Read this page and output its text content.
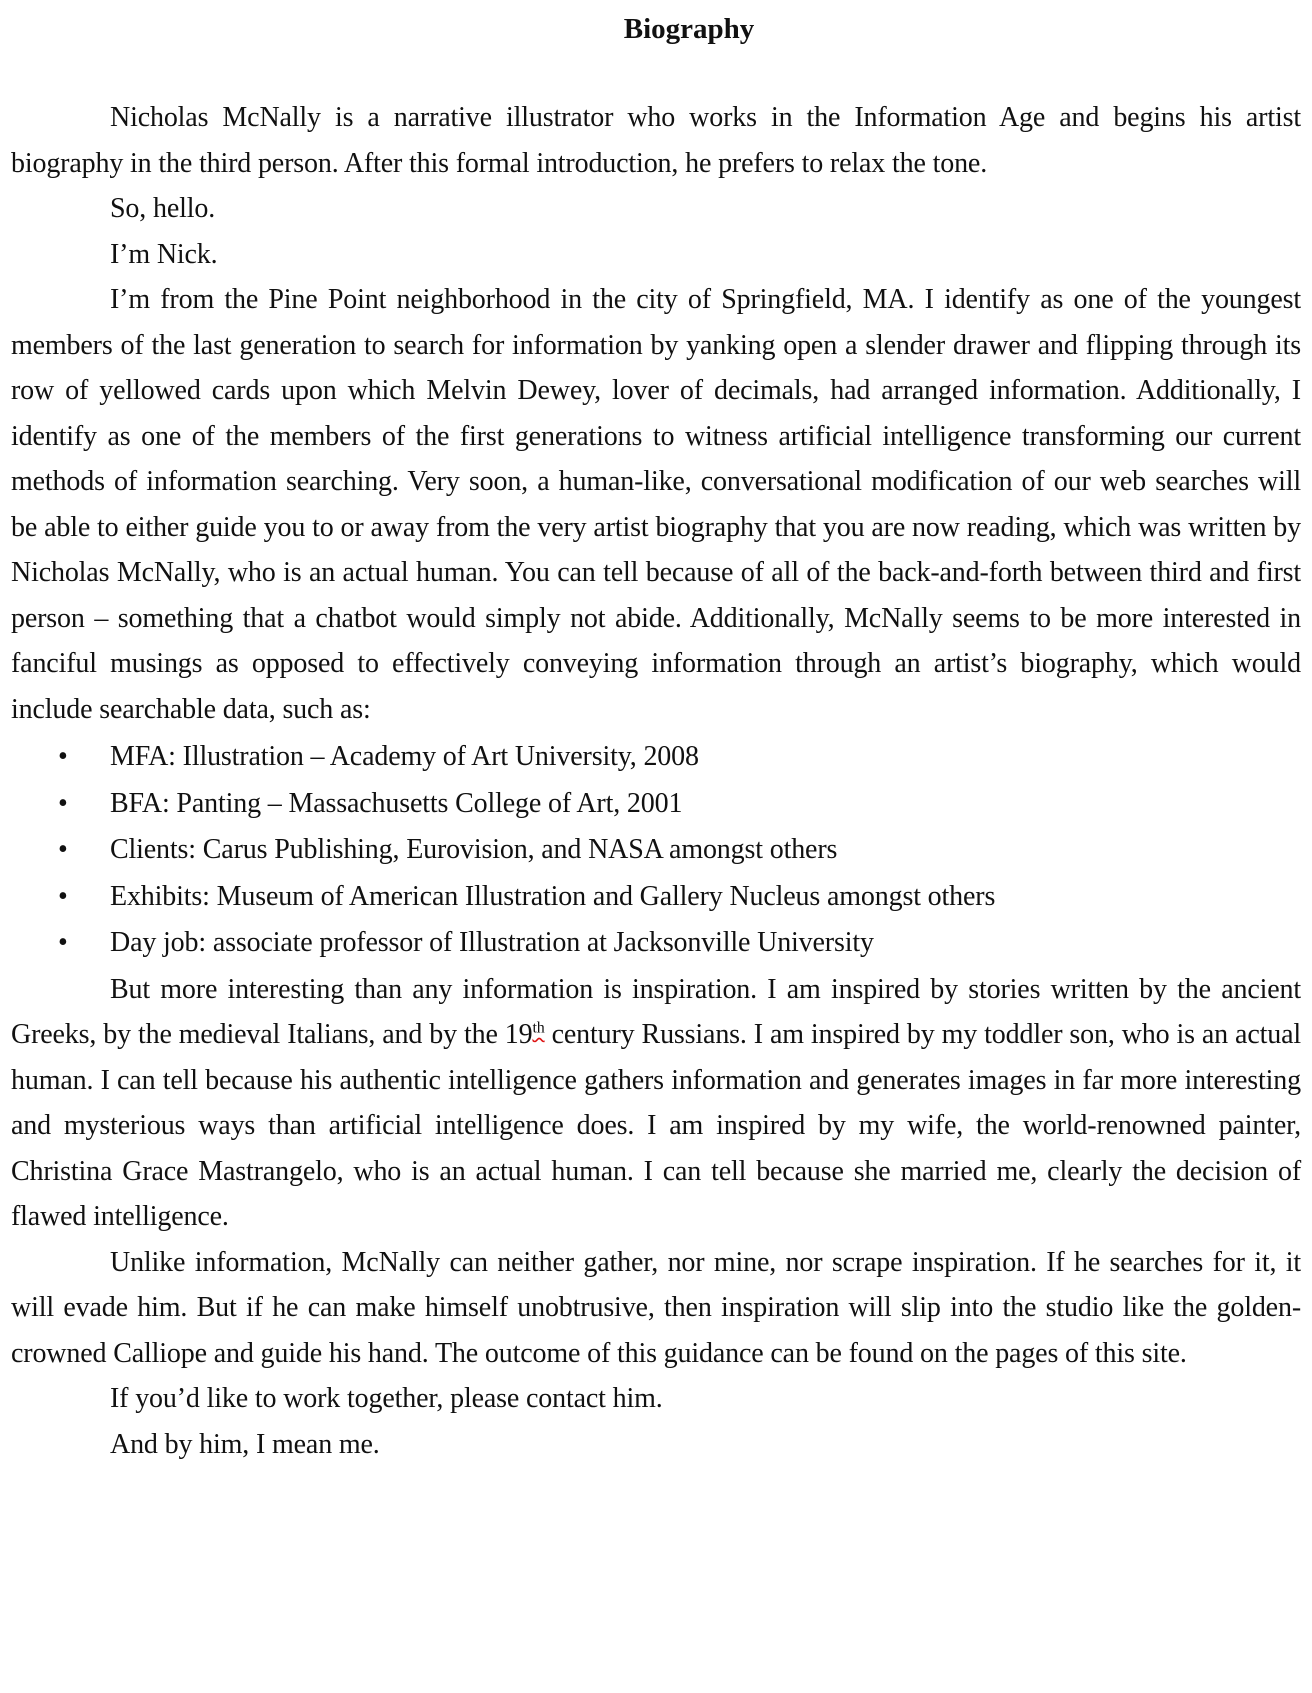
Biography

Nicholas McNally is a narrative illustrator who works in the Information Age and begins his artist biography in the third person. After this formal introduction, he prefers to relax the tone.

So, hello.

I’m Nick.

I’m from the Pine Point neighborhood in the city of Springfield, MA. I identify as one of the youngest members of the last generation to search for information by yanking open a slender drawer and flipping through its row of yellowed cards upon which Melvin Dewey, lover of decimals, had arranged information. Additionally, I identify as one of the members of the first generations to witness artificial intelligence transforming our current methods of information searching. Very soon, a human-like, conversational modification of our web searches will be able to either guide you to or away from the very artist biography that you are now reading, which was written by Nicholas McNally, who is an actual human. You can tell because of all of the back-and-forth between third and first person – something that a chatbot would simply not abide. Additionally, McNally seems to be more interested in fanciful musings as opposed to effectively conveying information through an artist’s biography, which would include searchable data, such as:

• MFA: Illustration – Academy of Art University, 2008
• BFA: Panting – Massachusetts College of Art, 2001
• Clients: Carus Publishing, Eurovision, and NASA amongst others
• Exhibits: Museum of American Illustration and Gallery Nucleus amongst others
• Day job: associate professor of Illustration at Jacksonville University

But more interesting than any information is inspiration. I am inspired by stories written by the ancient Greeks, by the medieval Italians, and by the 19th century Russians. I am inspired by my toddler son, who is an actual human. I can tell because his authentic intelligence gathers information and generates images in far more interesting and mysterious ways than artificial intelligence does. I am inspired by my wife, the world-renowned painter, Christina Grace Mastrangelo, who is an actual human. I can tell because she married me, clearly the decision of flawed intelligence.

Unlike information, McNally can neither gather, nor mine, nor scrape inspiration. If he searches for it, it will evade him. But if he can make himself unobtrusive, then inspiration will slip into the studio like the golden-crowned Calliope and guide his hand. The outcome of this guidance can be found on the pages of this site.

If you’d like to work together, please contact him.

And by him, I mean me.
